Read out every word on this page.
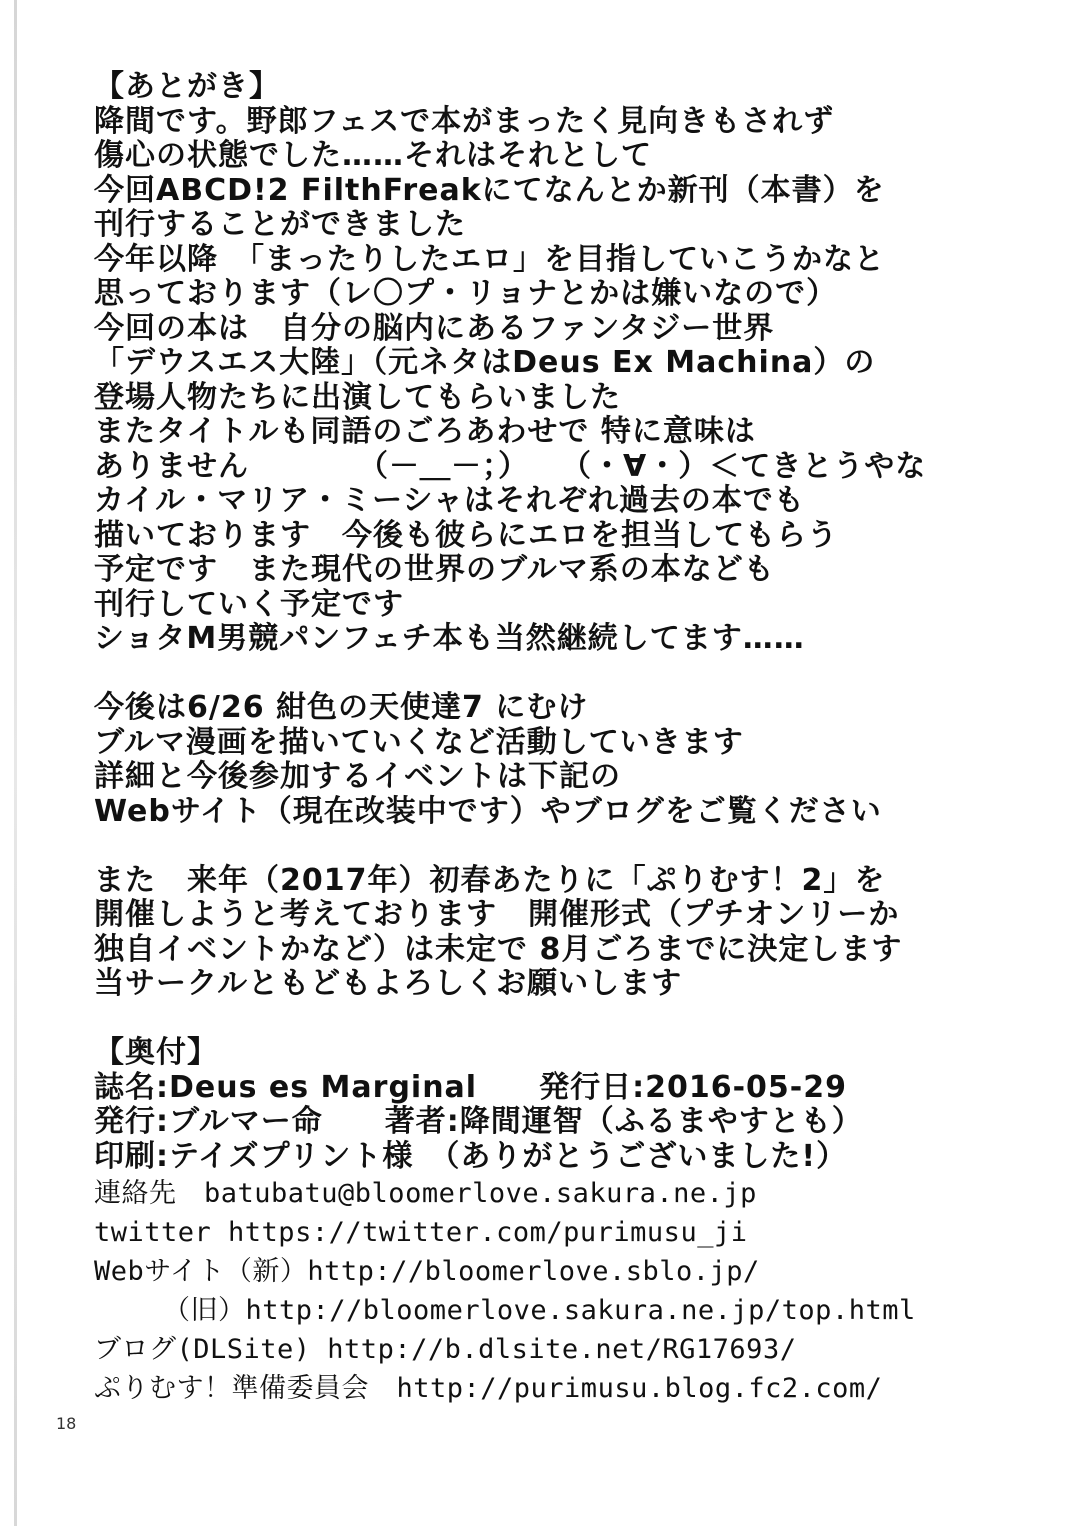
【あとがき】
降間です。野郎フェスで本がまったく見向きもされず
傷心の状態でした……それはそれとして
今回ABCD!2 FilthFreakにてなんとか新刊（本書）を
刊行することができました
今年以降　「まったりしたエロ」を目指していこうかなと
思っております（レ〇プ・リョナとかは嫌いなので）
今回の本は　自分の脳内にあるファンタジー世界
「デウスエス大陸」（元ネタはDeus Ex Machina）の
登場人物たちに出演してもらいました
またタイトルも同語のごろあわせで 特に意味は
ありません　　　　（－＿－；）　　（・∀・）＜てきとうやな
カイル・マリア・ミーシャはそれぞれ過去の本でも
描いております　今後も彼らにエロを担当してもらう
予定です　また現代の世界のブルマ系の本なども
刊行していく予定です
ショタM男競パンフェチ本も当然継続してます……
今後は6/26 紺色の天使達7 にむけ
ブルマ漫画を描いていくなど活動していきます
詳細と今後参加するイベントは下記の
Webサイト（現在改装中です）やブログをご覧ください
また　来年（2017年）初春あたりに「ぷりむす！2」を
開催しようと考えております　開催形式（プチオンリーか
独自イベントかなど）は未定で 8月ごろまでに決定します
当サークルともどもよろしくお願いします
【奥付】
誌名:Deus es Marginal　　発行日:2016-05-29
発行:ブルマー命　　著者:降間運智（ふるまやすとも）
印刷:テイズプリント様　（ありがとうございました!）
連絡先　batubatu@bloomerlove.sakura.ne.jp
twitter https://twitter.com/purimusu_ji
Webサイト（新）http://bloomerlove.sblo.jp/
　　　（旧）http://bloomerlove.sakura.ne.jp/top.html
ブログ(DLSite) http://b.dlsite.net/RG17693/
ぷりむす！準備委員会　http://purimusu.blog.fc2.com/
18
